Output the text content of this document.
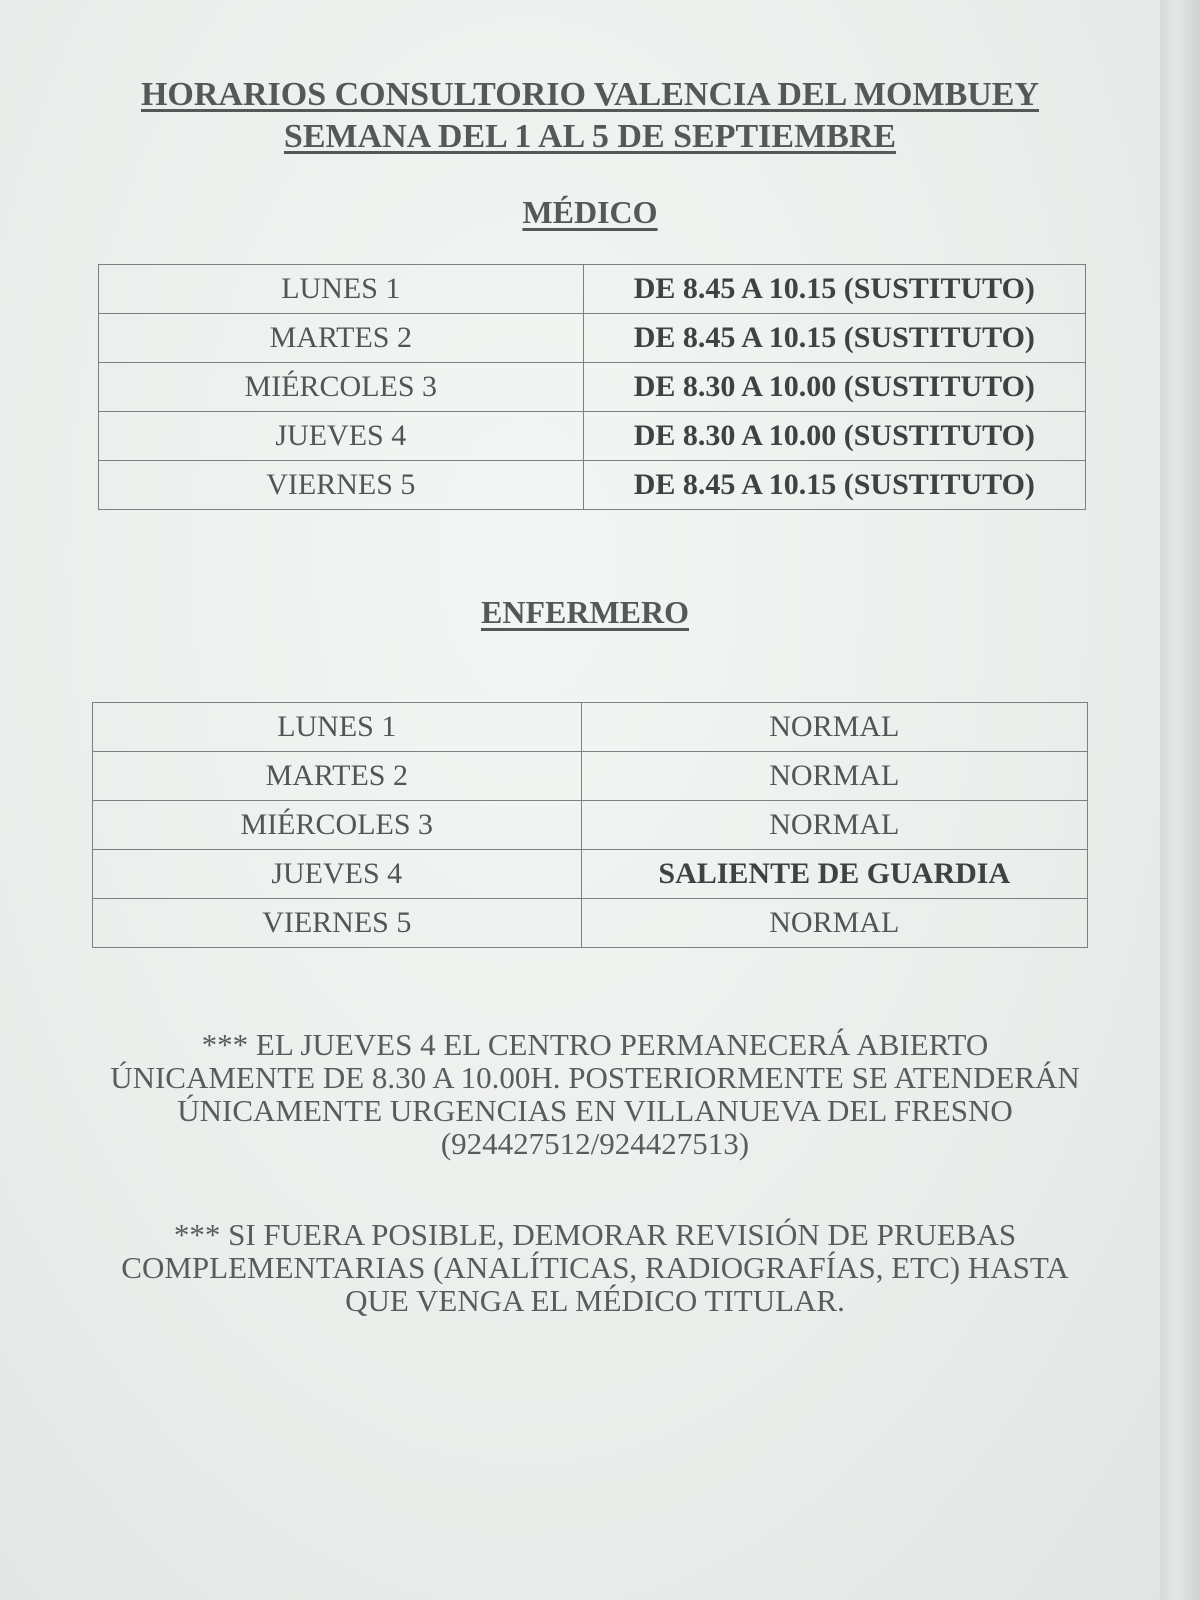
HORARIOS CONSULTORIO VALENCIA DEL MOMBUEY
SEMANA DEL 1 AL 5 DE SEPTIEMBRE
MÉDICO
LUNES 1	DE 8.45 A 10.15 (SUSTITUTO)
MARTES 2	DE 8.45 A 10.15 (SUSTITUTO)
MIÉRCOLES 3	DE 8.30 A 10.00 (SUSTITUTO)
JUEVES 4	DE 8.30 A 10.00 (SUSTITUTO)
VIERNES 5	DE 8.45 A 10.15 (SUSTITUTO)
ENFERMERO
LUNES 1	NORMAL
MARTES 2	NORMAL
MIÉRCOLES 3	NORMAL
JUEVES 4	SALIENTE DE GUARDIA
VIERNES 5	NORMAL
*** EL JUEVES 4 EL CENTRO PERMANECERÁ ABIERTO ÚNICAMENTE DE 8.30 A 10.00H. POSTERIORMENTE SE ATENDERÁN ÚNICAMENTE URGENCIAS EN VILLANUEVA DEL FRESNO (924427512/924427513)
*** SI FUERA POSIBLE, DEMORAR REVISIÓN DE PRUEBAS COMPLEMENTARIAS (ANALÍTICAS, RADIOGRAFÍAS, ETC) HASTA QUE VENGA EL MÉDICO TITULAR.
